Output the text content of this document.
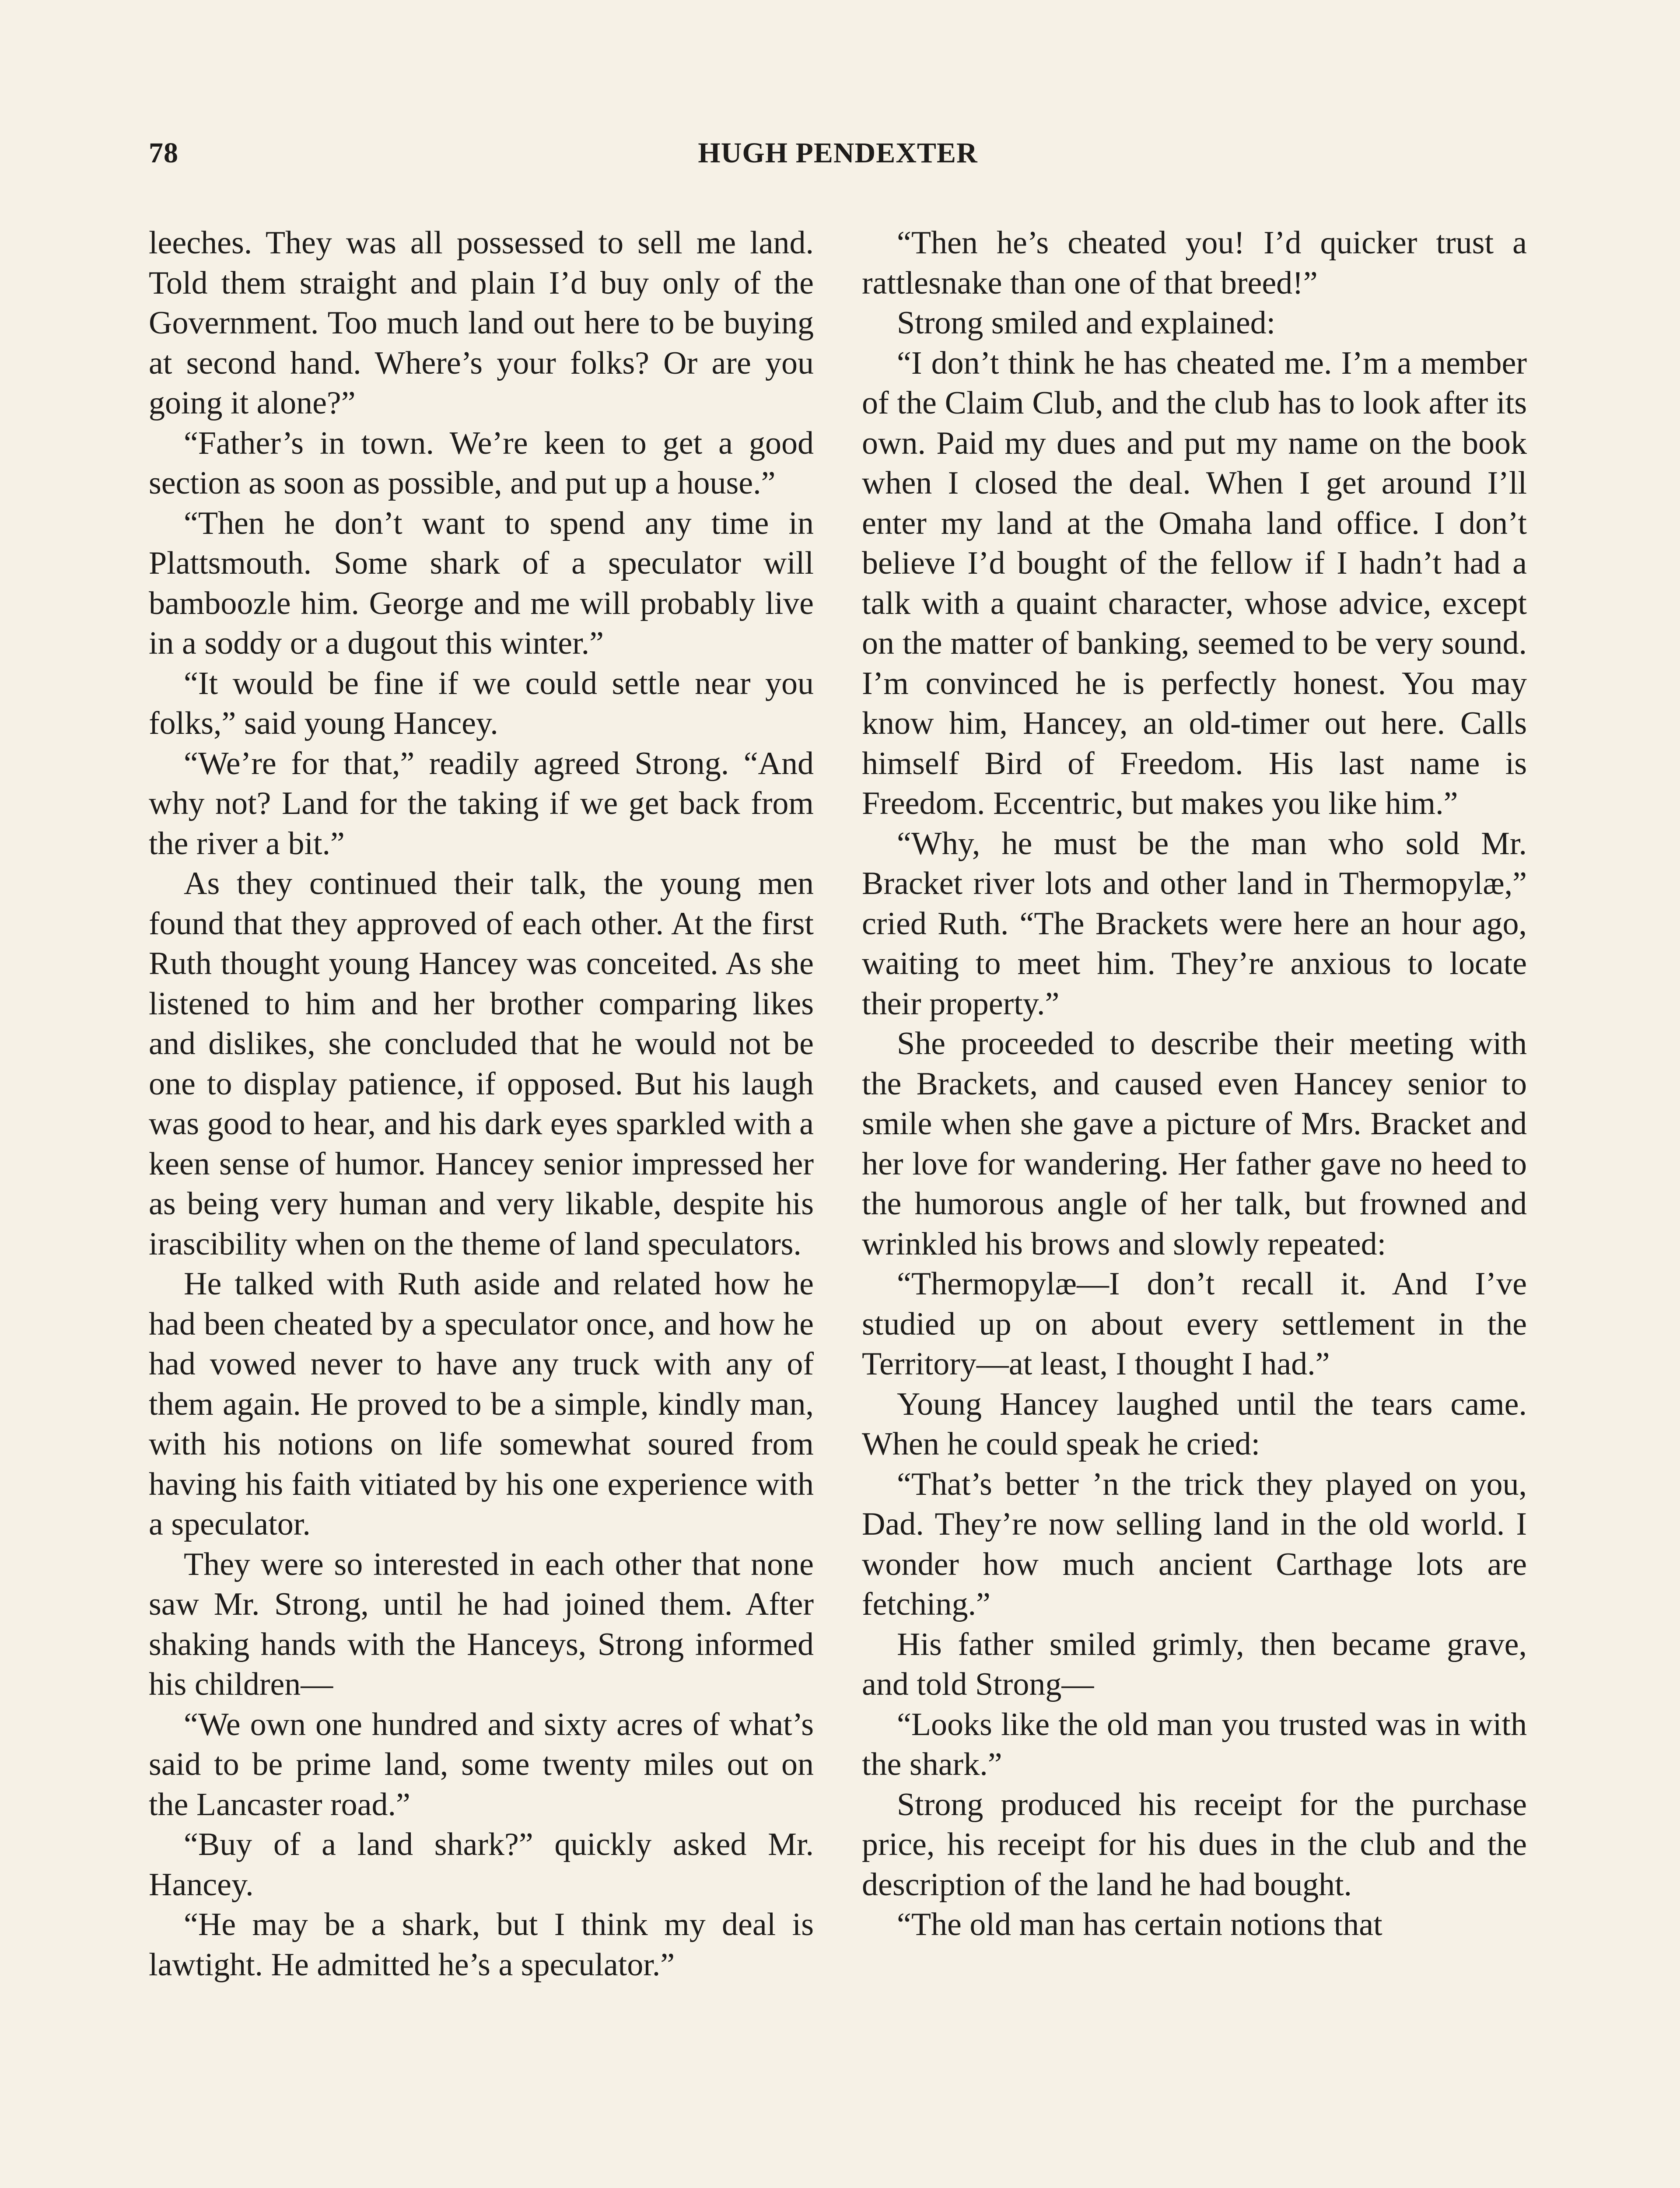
78	HUGH PENDEXTER

leeches. They was all possessed to sell me land. Told them straight and plain I’d buy only of the Government. Too much land out here to be buying at second hand. Where’s your folks? Or are you going it alone?”

“Father’s in town. We’re keen to get a good section as soon as possible, and put up a house.”

“Then he don’t want to spend any time in Plattsmouth. Some shark of a speculator will bamboozle him. George and me will probably live in a soddy or a dugout this winter.”

“It would be fine if we could settle near you folks,” said young Hancey.

“We’re for that,” readily agreed Strong. “And why not? Land for the taking if we get back from the river a bit.”

As they continued their talk, the young men found that they approved of each other. At the first Ruth thought young Hancey was conceited. As she listened to him and her brother comparing likes and dislikes, she concluded that he would not be one to display patience, if opposed. But his laugh was good to hear, and his dark eyes sparkled with a keen sense of humor. Hancey senior impressed her as being very human and very likable, despite his irascibility when on the theme of land speculators.

He talked with Ruth aside and related how he had been cheated by a speculator once, and how he had vowed never to have any truck with any of them again. He proved to be a simple, kindly man, with his notions on life somewhat soured from having his faith vitiated by his one experience with a speculator.

They were so interested in each other that none saw Mr. Strong, until he had joined them. After shaking hands with the Hanceys, Strong informed his children—

“We own one hundred and sixty acres of what’s said to be prime land, some twenty miles out on the Lancaster road.”

“Buy of a land shark?” quickly asked Mr. Hancey.

“He may be a shark, but I think my deal is lawtight. He admitted he’s a speculator.”

“Then he’s cheated you! I’d quicker trust a rattlesnake than one of that breed!”

Strong smiled and explained:

“I don’t think he has cheated me. I’m a member of the Claim Club, and the club has to look after its own. Paid my dues and put my name on the book when I closed the deal. When I get around I’ll enter my land at the Omaha land office. I don’t believe I’d bought of the fellow if I hadn’t had a talk with a quaint character, whose advice, except on the matter of banking, seemed to be very sound. I’m convinced he is perfectly honest. You may know him, Hancey, an old-timer out here. Calls himself Bird of Freedom. His last name is Freedom. Eccentric, but makes you like him.”

“Why, he must be the man who sold Mr. Bracket river lots and other land in Thermopylæ,” cried Ruth. “The Brackets were here an hour ago, waiting to meet him. They’re anxious to locate their property.”

She proceeded to describe their meeting with the Brackets, and caused even Hancey senior to smile when she gave a picture of Mrs. Bracket and her love for wandering. Her father gave no heed to the humorous angle of her talk, but frowned and wrinkled his brows and slowly repeated:

“Thermopylæ—I don’t recall it. And I’ve studied up on about every settlement in the Territory—at least, I thought I had.”

Young Hancey laughed until the tears came. When he could speak he cried:

“That’s better ’n the trick they played on you, Dad. They’re now selling land in the old world. I wonder how much ancient Carthage lots are fetching.”

His father smiled grimly, then became grave, and told Strong—

“Looks like the old man you trusted was in with the shark.”

Strong produced his receipt for the purchase price, his receipt for his dues in the club and the description of the land he had bought.

“The old man has certain notions that
